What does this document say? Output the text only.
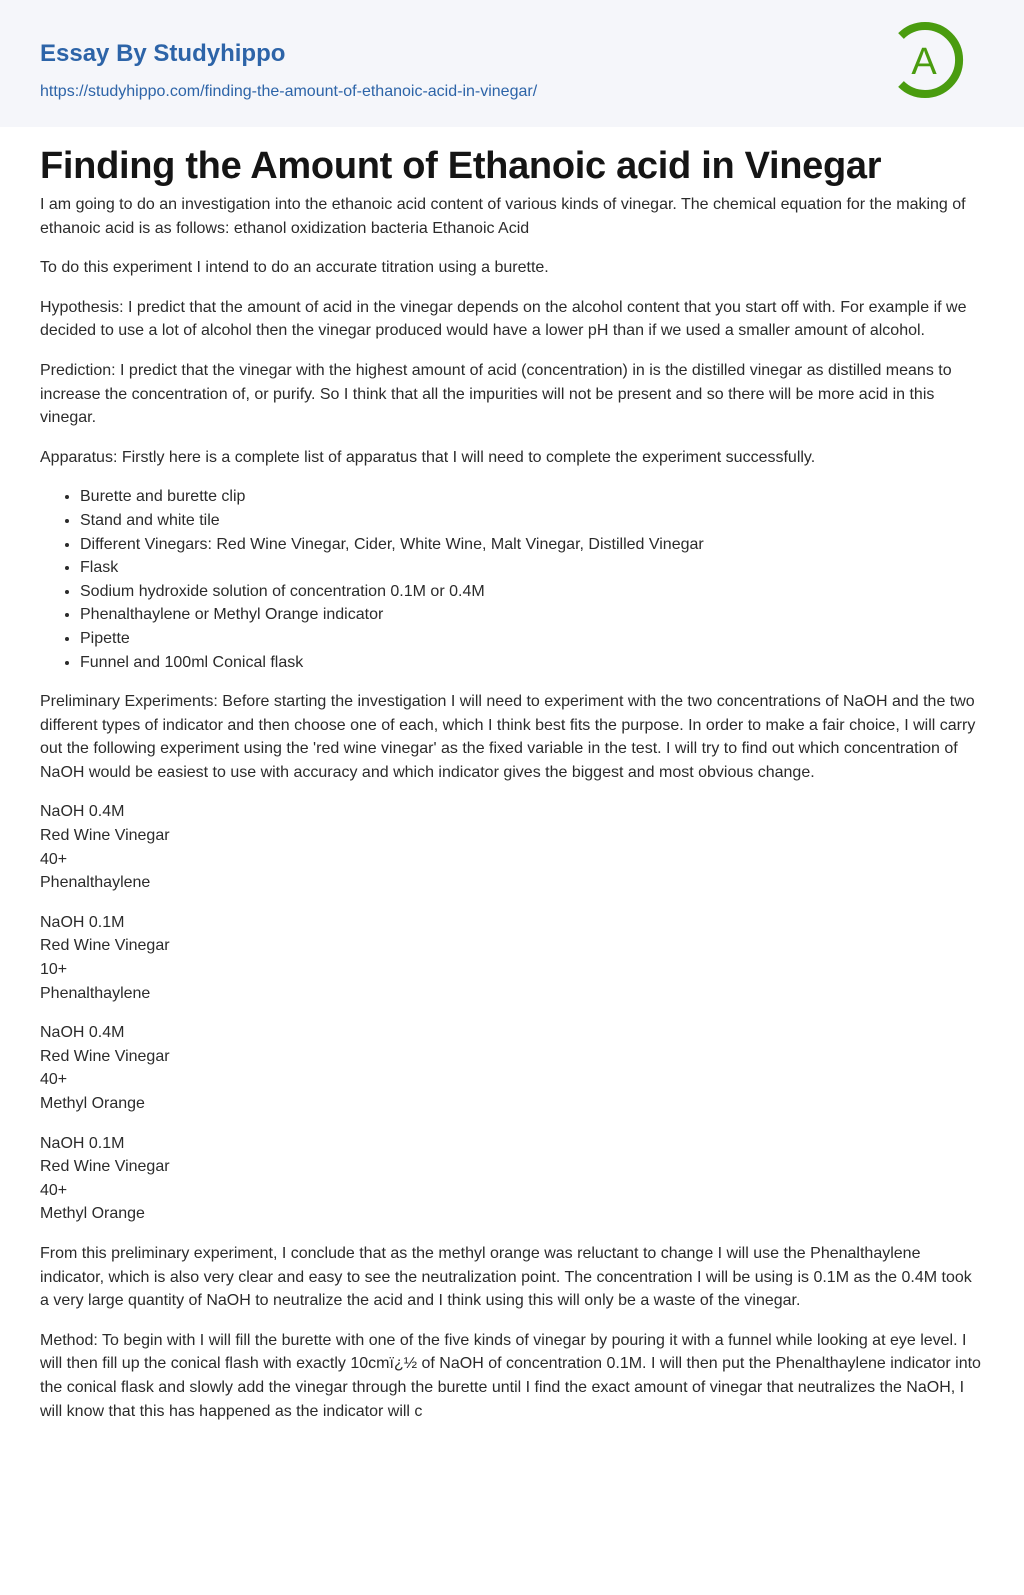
Essay By Studyhippo
https://studyhippo.com/finding-the-amount-of-ethanoic-acid-in-vinegar/
A
Finding the Amount of Ethanoic acid in Vinegar

I am going to do an investigation into the ethanoic acid content of various kinds of vinegar. The chemical equation for the making of ethanoic acid is as follows: ethanol oxidization bacteria Ethanoic Acid

To do this experiment I intend to do an accurate titration using a burette.

Hypothesis: I predict that the amount of acid in the vinegar depends on the alcohol content that you start off with. For example if we decided to use a lot of alcohol then the vinegar produced would have a lower pH than if we used a smaller amount of alcohol.

Prediction: I predict that the vinegar with the highest amount of acid (concentration) in is the distilled vinegar as distilled means to increase the concentration of, or purify. So I think that all the impurities will not be present and so there will be more acid in this vinegar.

Apparatus: Firstly here is a complete list of apparatus that I will need to complete the experiment successfully.

• Burette and burette clip
• Stand and white tile
• Different Vinegars: Red Wine Vinegar, Cider, White Wine, Malt Vinegar, Distilled Vinegar
• Flask
• Sodium hydroxide solution of concentration 0.1M or 0.4M
• Phenalthaylene or Methyl Orange indicator
• Pipette
• Funnel and 100ml Conical flask

Preliminary Experiments: Before starting the investigation I will need to experiment with the two concentrations of NaOH and the two different types of indicator and then choose one of each, which I think best fits the purpose. In order to make a fair choice, I will carry out the following experiment using the 'red wine vinegar' as the fixed variable in the test. I will try to find out which concentration of NaOH would be easiest to use with accuracy and which indicator gives the biggest and most obvious change.

NaOH 0.4M
Red Wine Vinegar
40+
Phenalthaylene

NaOH 0.1M
Red Wine Vinegar
10+
Phenalthaylene

NaOH 0.4M
Red Wine Vinegar
40+
Methyl Orange

NaOH 0.1M
Red Wine Vinegar
40+
Methyl Orange

From this preliminary experiment, I conclude that as the methyl orange was reluctant to change I will use the Phenalthaylene indicator, which is also very clear and easy to see the neutralization point. The concentration I will be using is 0.1M as the 0.4M took a very large quantity of NaOH to neutralize the acid and I think using this will only be a waste of the vinegar.

Method: To begin with I will fill the burette with one of the five kinds of vinegar by pouring it with a funnel while looking at eye level. I will then fill up the conical flash with exactly 10cmï¿½ of NaOH of concentration 0.1M. I will then put the Phenalthaylene indicator into the conical flask and slowly add the vinegar through the burette until I find the exact amount of vinegar that neutralizes the NaOH, I will know that this has happened as the indicator will c
